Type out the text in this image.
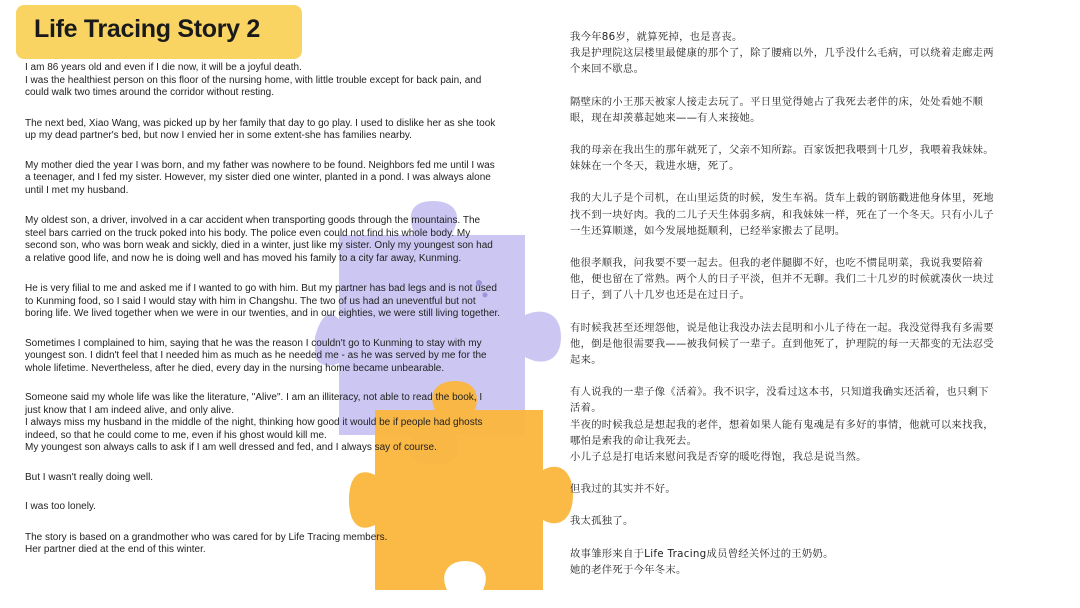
Life Tracing Story 2

I am 86 years old and even if I die now, it will be a joyful death.
I was the healthiest person on this floor of the nursing home, with little trouble except for back pain, and
could walk two times around the corridor without resting.

The next bed, Xiao Wang, was picked up by her family that day to go play. I used to dislike her as she took
up my dead partner's bed, but now I envied her in some extent-she has families nearby.

My mother died the year I was born, and my father was nowhere to be found. Neighbors fed me until I was
a teenager, and I fed my sister. However, my sister died one winter, planted in a pond. I was always alone
until I met my husband.

My oldest son, a driver, involved in a car accident when transporting goods through the mountains. The
steel bars carried on the truck poked into his body. The police even could not find his whole body. My
second son, who was born weak and sickly, died in a winter, just like my sister. Only my youngest son had
a relative good life, and now he is doing well and has moved his family to a city far away, Kunming.

He is very filial to me and asked me if I wanted to go with him. But my partner has bad legs and is not used
to Kunming food, so I said I would stay with him in Changshu. The two of us had an uneventful but not
boring life. We lived together when we were in our twenties, and in our eighties, we were still living together.

Sometimes I complained to him, saying that he was the reason I couldn't go to Kunming to stay with my
youngest son. I didn't feel that I needed him as much as he needed me - as he was served by me for the
whole lifetime. Nevertheless, after he died, every day in the nursing home became unbearable.

Someone said my whole life was like the literature, "Alive". I am an illiteracy, not able to read the book, I
just know that I am indeed alive, and only alive.
I always miss my husband in the middle of the night, thinking how good it would be if people had ghosts
indeed, so that he could come to me, even if his ghost would kill me.
My youngest son always calls to ask if I am well dressed and fed, and I always say of course.

But I wasn't really doing well.

I was too lonely.

The story is based on a grandmother who was cared for by Life Tracing members.
Her partner died at the end of this winter.

我今年86岁，就算死掉，也是喜丧。
我是护理院这层楼里最健康的那个了，除了腰痛以外，几乎没什么毛病，可以绕着走廊走两
个来回不歇息。

隔壁床的小王那天被家人接走去玩了。平日里觉得她占了我死去老伴的床，处处看她不顺
眼，现在却羡慕起她来——有人来接她。

我的母亲在我出生的那年就死了，父亲不知所踪。百家饭把我喂到十几岁，我喂着我妹妹。
妹妹在一个冬天，栽进水塘，死了。

我的大儿子是个司机，在山里运货的时候，发生车祸。货车上载的钢筋戳进他身体里，死地
找不到一块好肉。我的二儿子天生体弱多病，和我妹妹一样，死在了一个冬天。只有小儿子
一生还算顺遂，如今发展地挺顺利，已经举家搬去了昆明。

他很孝顺我，问我要不要一起去。但我的老伴腿脚不好，也吃不惯昆明菜，我说我要陪着
他，便也留在了常熟。两个人的日子平淡，但并不无聊。我们二十几岁的时候就凑伙一块过
日子，到了八十几岁也还是在过日子。

有时候我甚至还埋怨他，说是他让我没办法去昆明和小儿子待在一起。我没觉得我有多需要
他，倒是他很需要我——被我伺候了一辈子。直到他死了，护理院的每一天都变的无法忍受
起来。

有人说我的一辈子像《活着》。我不识字，没看过这本书，只知道我确实还活着，也只剩下
活着。
半夜的时候我总是想起我的老伴，想着如果人能有鬼魂是有多好的事情，他就可以来找我，
哪怕是索我的命让我死去。
小儿子总是打电话来慰问我是否穿的暖吃得饱，我总是说当然。

但我过的其实并不好。

我太孤独了。

故事雏形来自于Life Tracing成员曾经关怀过的王奶奶。
她的老伴死于今年冬末。
